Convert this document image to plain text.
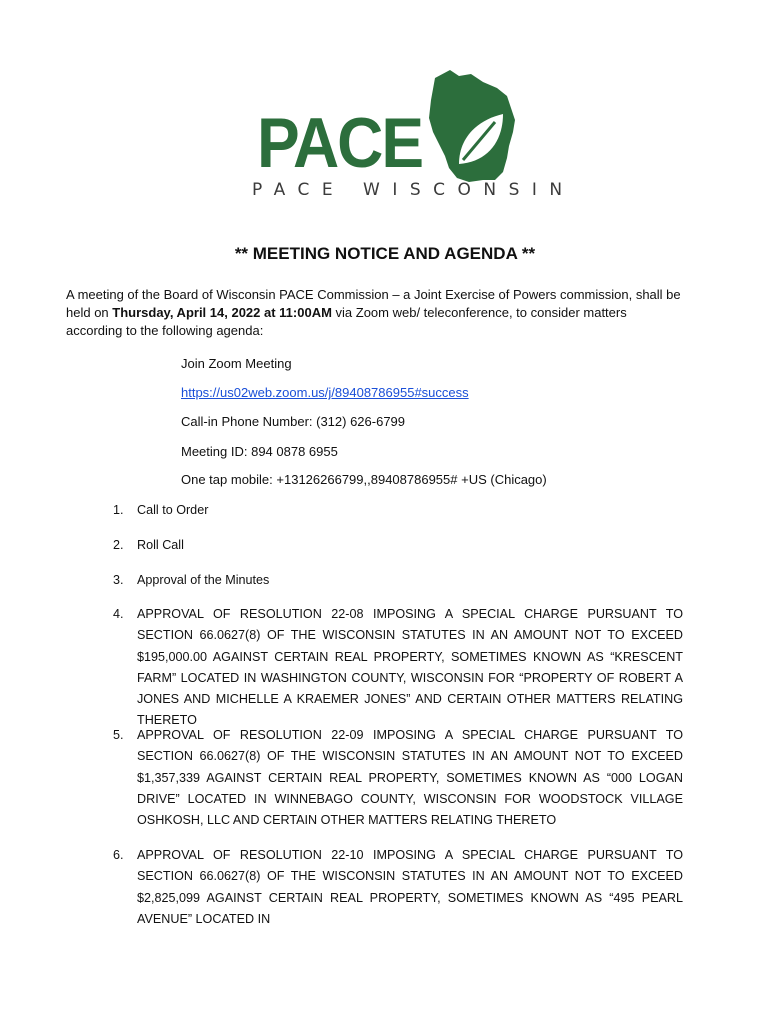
PACE
PACE WISCONSIN
** MEETING NOTICE AND AGENDA **
A meeting of the Board of Wisconsin PACE Commission – a Joint Exercise of Powers commission, shall be held on Thursday, April 14, 2022 at 11:00AM via Zoom web/ teleconference, to consider matters according to the following agenda:
Join Zoom Meeting
https://us02web.zoom.us/j/89408786955#success
Call-in Phone Number: (312) 626-6799
Meeting ID: 894 0878 6955
One tap mobile: +13126266799,,89408786955# +US (Chicago)
1. Call to Order
2. Roll Call
3. Approval of the Minutes
4. APPROVAL OF RESOLUTION 22-08 IMPOSING A SPECIAL CHARGE PURSUANT TO SECTION 66.0627(8) OF THE WISCONSIN STATUTES IN AN AMOUNT NOT TO EXCEED $195,000.00 AGAINST CERTAIN REAL PROPERTY, SOMETIMES KNOWN AS “KRESCENT FARM” LOCATED IN WASHINGTON COUNTY, WISCONSIN FOR “PROPERTY OF ROBERT A JONES AND MICHELLE A KRAEMER JONES” AND CERTAIN OTHER MATTERS RELATING THERETO
5. APPROVAL OF RESOLUTION 22-09 IMPOSING A SPECIAL CHARGE PURSUANT TO SECTION 66.0627(8) OF THE WISCONSIN STATUTES IN AN AMOUNT NOT TO EXCEED $1,357,339 AGAINST CERTAIN REAL PROPERTY, SOMETIMES KNOWN AS “000 LOGAN DRIVE” LOCATED IN WINNEBAGO COUNTY, WISCONSIN FOR WOODSTOCK VILLAGE OSHKOSH, LLC AND CERTAIN OTHER MATTERS RELATING THERETO
6. APPROVAL OF RESOLUTION 22-10 IMPOSING A SPECIAL CHARGE PURSUANT TO SECTION 66.0627(8) OF THE WISCONSIN STATUTES IN AN AMOUNT NOT TO EXCEED $2,825,099 AGAINST CERTAIN REAL PROPERTY, SOMETIMES KNOWN AS “495 PEARL AVENUE” LOCATED IN
